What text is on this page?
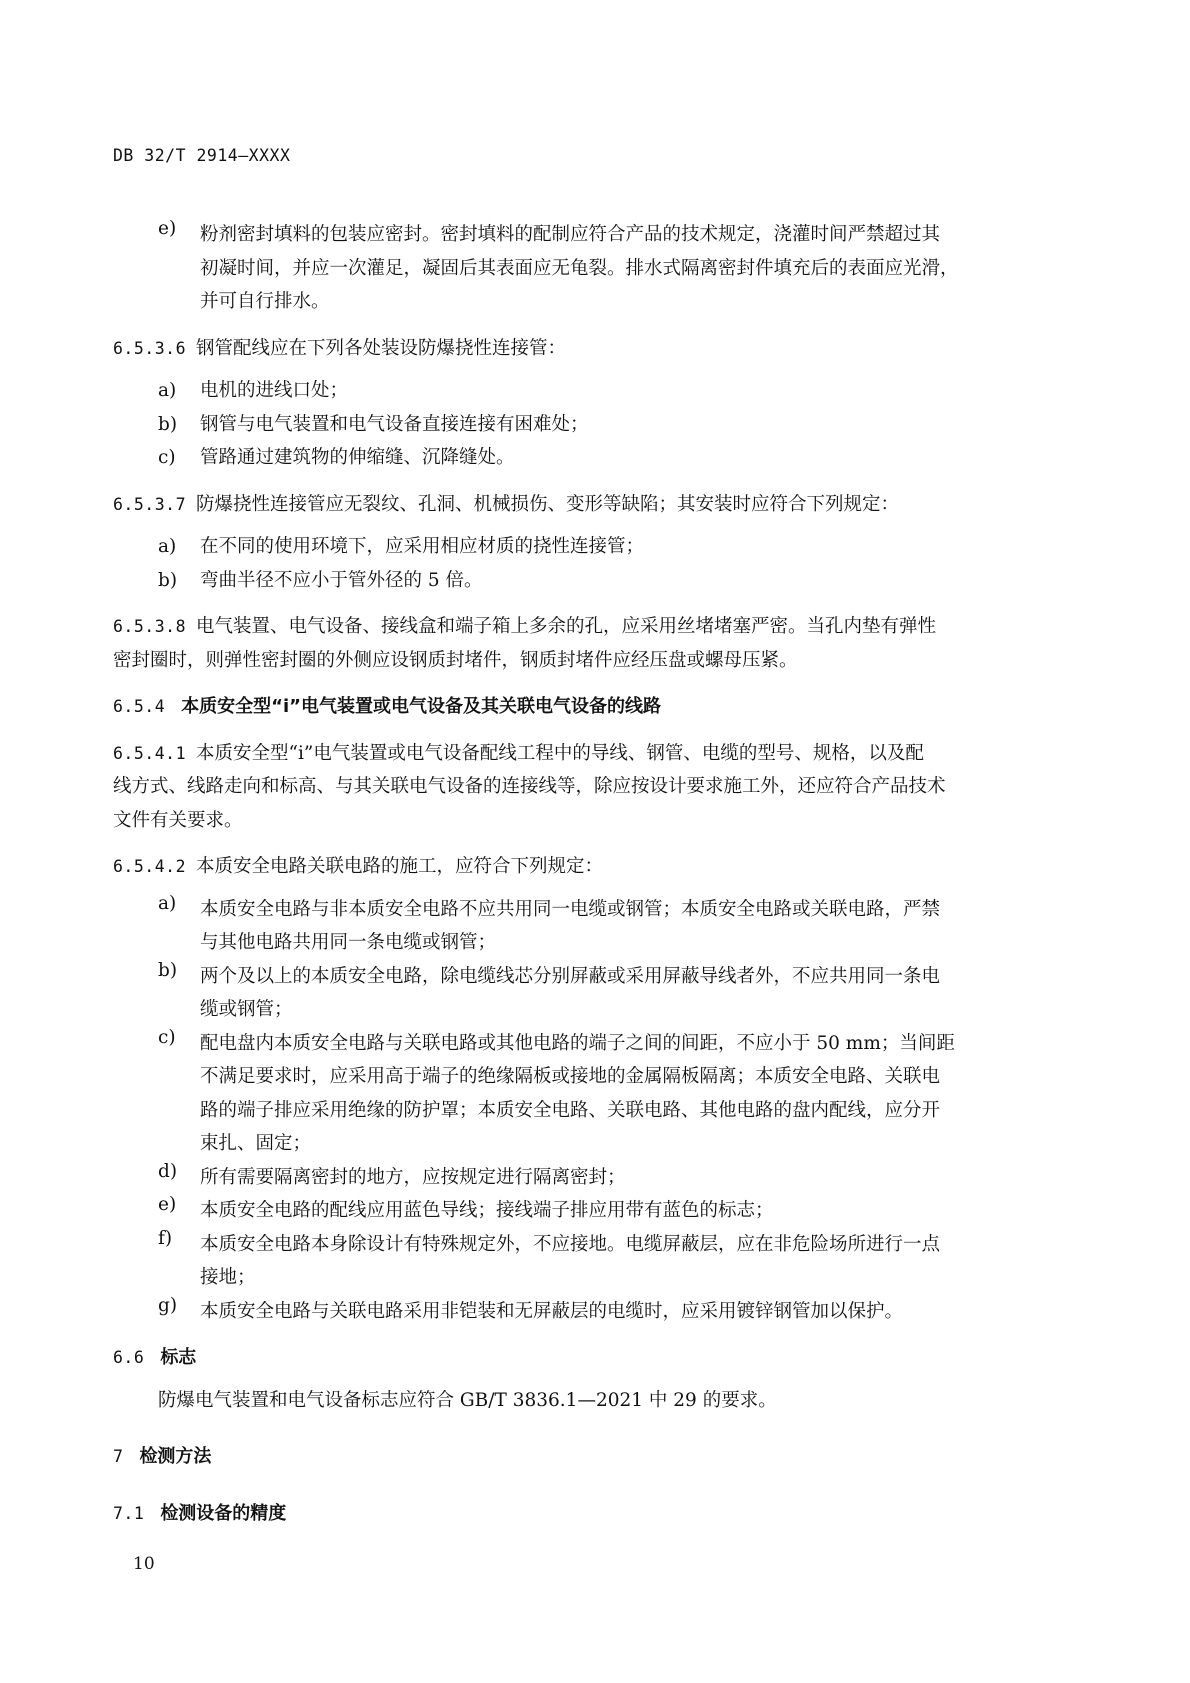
DB 32/T 2914—XXXX
e) 粉剂密封填料的包装应密封。密封填料的配制应符合产品的技术规定，浇灌时间严禁超过其
初凝时间，并应一次灌足，凝固后其表面应无龟裂。排水式隔离密封件填充后的表面应光滑，
并可自行排水。
6.5.3.6 钢管配线应在下列各处装设防爆挠性连接管：
a) 电机的进线口处；
b) 钢管与电气装置和电气设备直接连接有困难处；
c) 管路通过建筑物的伸缩缝、沉降缝处。
6.5.3.7 防爆挠性连接管应无裂纹、孔洞、机械损伤、变形等缺陷；其安装时应符合下列规定：
a) 在不同的使用环境下，应采用相应材质的挠性连接管；
b) 弯曲半径不应小于管外径的 5 倍。
6.5.3.8 电气装置、电气设备、接线盒和端子箱上多余的孔，应采用丝堵堵塞严密。当孔内垫有弹性
密封圈时，则弹性密封圈的外侧应设钢质封堵件，钢质封堵件应经压盘或螺母压紧。
6.5.4 本质安全型“i”电气装置或电气设备及其关联电气设备的线路
6.5.4.1 本质安全型“i”电气装置或电气设备配线工程中的导线、钢管、电缆的型号、规格，以及配
线方式、线路走向和标高、与其关联电气设备的连接线等，除应按设计要求施工外，还应符合产品技术
文件有关要求。
6.5.4.2 本质安全电路关联电路的施工，应符合下列规定：
a) 本质安全电路与非本质安全电路不应共用同一电缆或钢管；本质安全电路或关联电路，严禁
与其他电路共用同一条电缆或钢管；
b) 两个及以上的本质安全电路，除电缆线芯分别屏蔽或采用屏蔽导线者外，不应共用同一条电
缆或钢管；
c) 配电盘内本质安全电路与关联电路或其他电路的端子之间的间距，不应小于 50 mm；当间距
不满足要求时，应采用高于端子的绝缘隔板或接地的金属隔板隔离；本质安全电路、关联电
路的端子排应采用绝缘的防护罩；本质安全电路、关联电路、其他电路的盘内配线，应分开
束扎、固定；
d) 所有需要隔离密封的地方，应按规定进行隔离密封；
e) 本质安全电路的配线应用蓝色导线；接线端子排应用带有蓝色的标志；
f) 本质安全电路本身除设计有特殊规定外，不应接地。电缆屏蔽层，应在非危险场所进行一点
接地；
g) 本质安全电路与关联电路采用非铠装和无屏蔽层的电缆时，应采用镀锌钢管加以保护。
6.6 标志
防爆电气装置和电气设备标志应符合 GB/T 3836.1—2021 中 29 的要求。
7 检测方法
7.1 检测设备的精度
10
